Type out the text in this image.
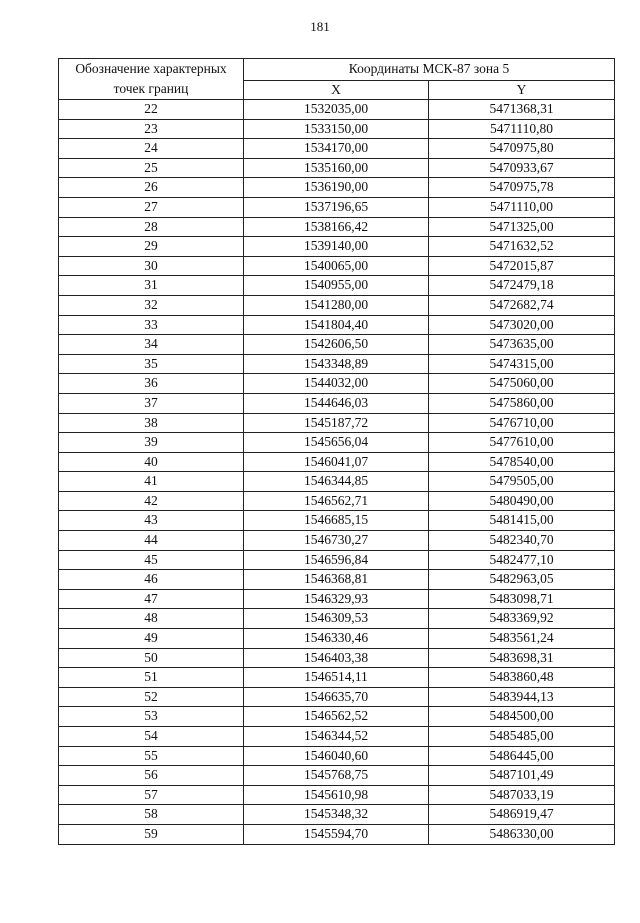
181
Обозначение характерных
точек границ	Координаты МСК-87 зона 5	
	X	Y
22	1532035,00	5471368,31
23	1533150,00	5471110,80
24	1534170,00	5470975,80
25	1535160,00	5470933,67
26	1536190,00	5470975,78
27	1537196,65	5471110,00
28	1538166,42	5471325,00
29	1539140,00	5471632,52
30	1540065,00	5472015,87
31	1540955,00	5472479,18
32	1541280,00	5472682,74
33	1541804,40	5473020,00
34	1542606,50	5473635,00
35	1543348,89	5474315,00
36	1544032,00	5475060,00
37	1544646,03	5475860,00
38	1545187,72	5476710,00
39	1545656,04	5477610,00
40	1546041,07	5478540,00
41	1546344,85	5479505,00
42	1546562,71	5480490,00
43	1546685,15	5481415,00
44	1546730,27	5482340,70
45	1546596,84	5482477,10
46	1546368,81	5482963,05
47	1546329,93	5483098,71
48	1546309,53	5483369,92
49	1546330,46	5483561,24
50	1546403,38	5483698,31
51	1546514,11	5483860,48
52	1546635,70	5483944,13
53	1546562,52	5484500,00
54	1546344,52	5485485,00
55	1546040,60	5486445,00
56	1545768,75	5487101,49
57	1545610,98	5487033,19
58	1545348,32	5486919,47
59	1545594,70	5486330,00
